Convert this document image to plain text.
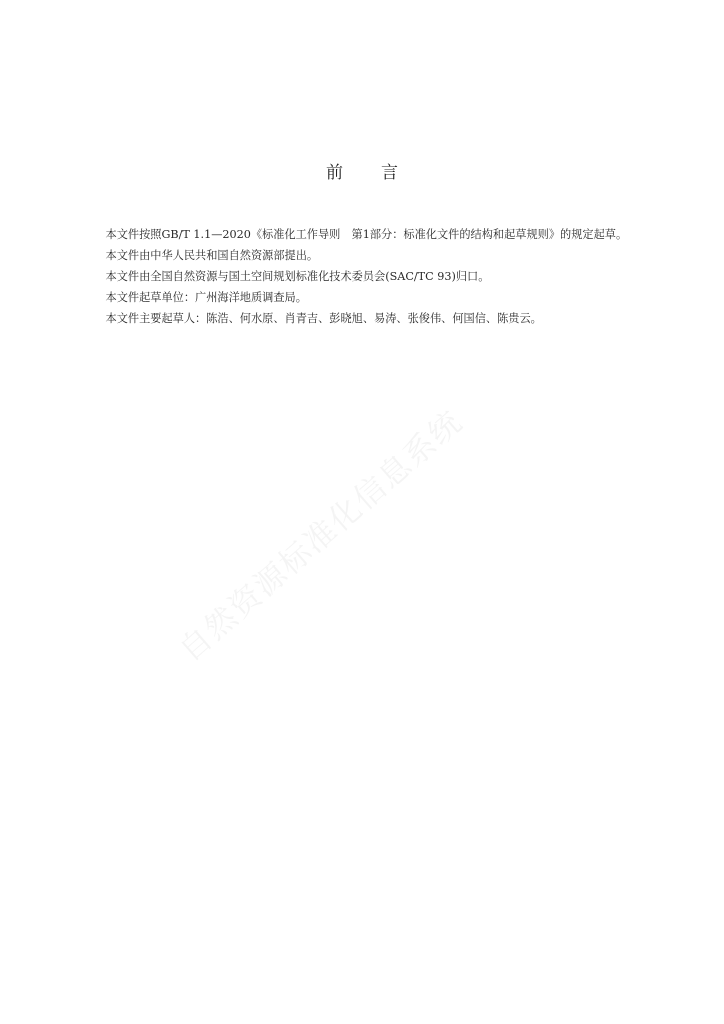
前 言

本文件按照GB/T 1.1—2020《标准化工作导则　第1部分：标准化文件的结构和起草规则》的规定起草。

本文件由中华人民共和国自然资源部提出。

本文件由全国自然资源与国土空间规划标准化技术委员会(SAC/TC 93)归口。

本文件起草单位：广州海洋地质调查局。

本文件主要起草人：陈浩、何水原、肖青吉、彭晓旭、易涛、张俊伟、何国信、陈贵云。

自然资源标准化信息系统
